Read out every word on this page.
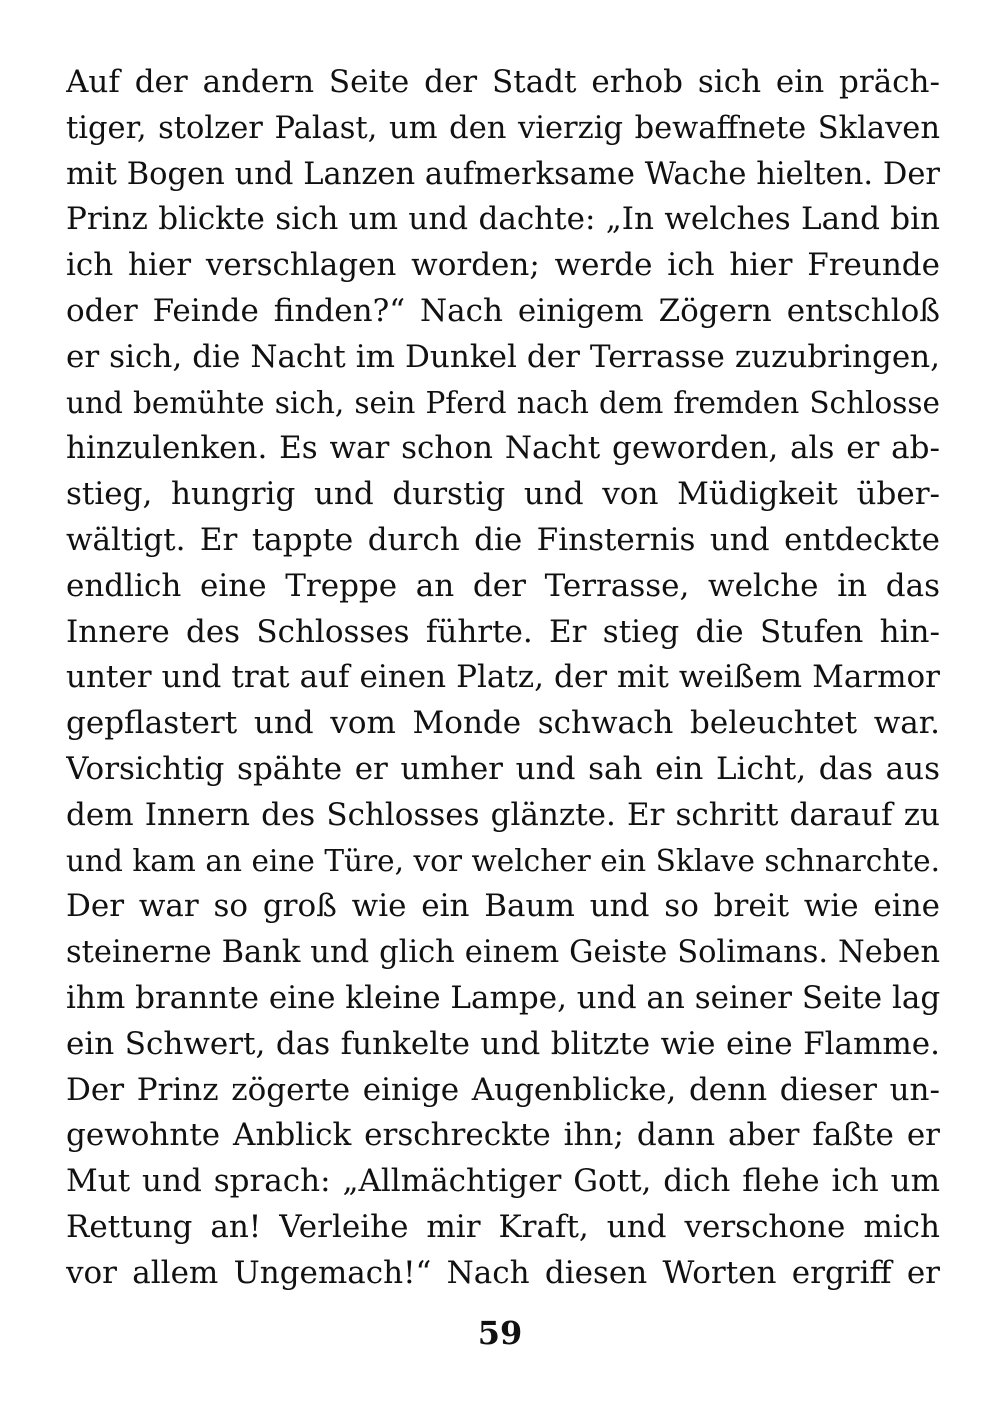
Auf der andern Seite der Stadt erhob sich ein präch-
tiger, stolzer Palast, um den vierzig bewaffnete Sklaven
mit Bogen und Lanzen aufmerksame Wache hielten. Der
Prinz blickte sich um und dachte: „In welches Land bin
ich hier verschlagen worden; werde ich hier Freunde
oder Feinde finden?“ Nach einigem Zögern entschloß
er sich, die Nacht im Dunkel der Terrasse zuzubringen,
und bemühte sich, sein Pferd nach dem fremden Schlosse
hinzulenken. Es war schon Nacht geworden, als er ab-
stieg, hungrig und durstig und von Müdigkeit über-
wältigt. Er tappte durch die Finsternis und entdeckte
endlich eine Treppe an der Terrasse, welche in das
Innere des Schlosses führte. Er stieg die Stufen hin-
unter und trat auf einen Platz, der mit weißem Marmor
gepflastert und vom Monde schwach beleuchtet war.
Vorsichtig spähte er umher und sah ein Licht, das aus
dem Innern des Schlosses glänzte. Er schritt darauf zu
und kam an eine Türe, vor welcher ein Sklave schnarchte.
Der war so groß wie ein Baum und so breit wie eine
steinerne Bank und glich einem Geiste Solimans. Neben
ihm brannte eine kleine Lampe, und an seiner Seite lag
ein Schwert, das funkelte und blitzte wie eine Flamme.
Der Prinz zögerte einige Augenblicke, denn dieser un-
gewohnte Anblick erschreckte ihn; dann aber faßte er
Mut und sprach: „Allmächtiger Gott, dich flehe ich um
Rettung an! Verleihe mir Kraft, und verschone mich
vor allem Ungemach!“ Nach diesen Worten ergriff er
59
